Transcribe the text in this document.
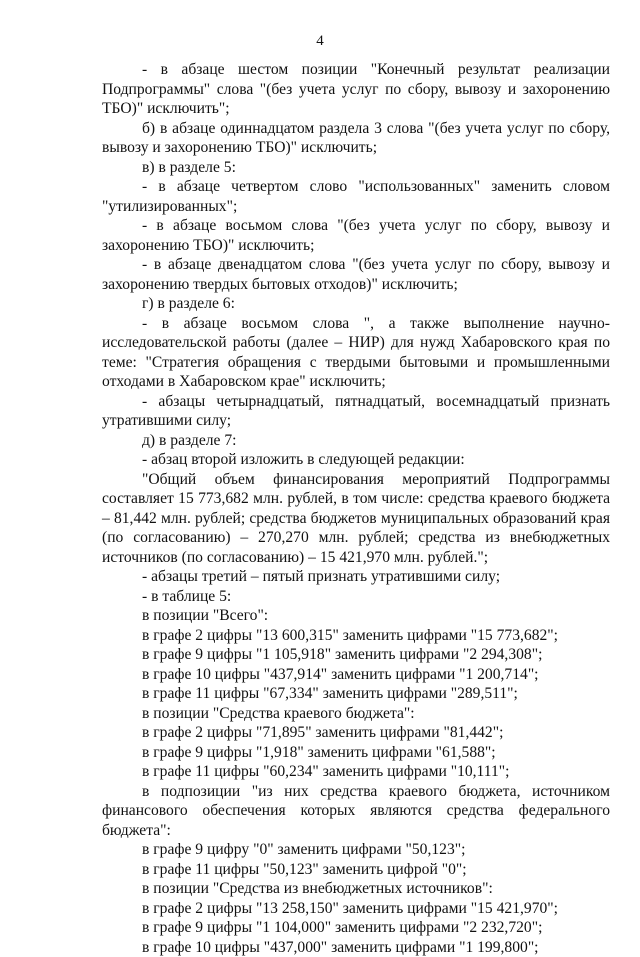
4

- в абзаце шестом позиции "Конечный результат реализации Подпрограммы" слова "(без учета услуг по сбору, вывозу и захоронению ТБО)" исключить";

б) в абзаце одиннадцатом раздела 3 слова "(без учета услуг по сбору, вывозу и захоронению ТБО)" исключить;

в) в разделе 5:

- в абзаце четвертом слово "использованных" заменить словом "утилизированных";

- в абзаце восьмом слова "(без учета услуг по сбору, вывозу и захоронению ТБО)" исключить;

- в абзаце двенадцатом слова "(без учета услуг по сбору, вывозу и захоронению твердых бытовых отходов)" исключить;

г) в разделе 6:

- в абзаце восьмом слова ", а также выполнение научно-исследовательской работы (далее – НИР) для нужд Хабаровского края по теме: "Стратегия обращения с твердыми бытовыми и промышленными отходами в Хабаровском крае" исключить;

- абзацы четырнадцатый, пятнадцатый, восемнадцатый признать утратившими силу;

д) в разделе 7:

- абзац второй изложить в следующей редакции:

"Общий объем финансирования мероприятий Подпрограммы составляет 15 773,682 млн. рублей, в том числе: средства краевого бюджета – 81,442 млн. рублей; средства бюджетов муниципальных образований края (по согласованию) – 270,270 млн. рублей; средства из внебюджетных источников (по согласованию) – 15 421,970 млн. рублей.";

- абзацы третий – пятый признать утратившими силу;

- в таблице 5:

в позиции "Всего":

в графе 2 цифры "13 600,315" заменить цифрами "15 773,682";

в графе 9 цифры "1 105,918" заменить цифрами "2 294,308";

в графе 10 цифры "437,914" заменить цифрами "1 200,714";

в графе 11 цифры "67,334" заменить цифрами "289,511";

в позиции "Средства краевого бюджета":

в графе 2 цифры "71,895" заменить цифрами "81,442";

в графе 9 цифры "1,918" заменить цифрами "61,588";

в графе 11 цифры "60,234" заменить цифрами "10,111";

в подпозиции "из них средства краевого бюджета, источником финансового обеспечения которых являются средства федерального бюджета":

в графе 9 цифру "0" заменить цифрами "50,123";

в графе 11 цифры "50,123" заменить цифрой "0";

в позиции "Средства из внебюджетных источников":

в графе 2 цифры "13 258,150" заменить цифрами "15 421,970";

в графе 9 цифры "1 104,000" заменить цифрами "2 232,720";

в графе 10 цифры "437,000" заменить цифрами "1 199,800";
